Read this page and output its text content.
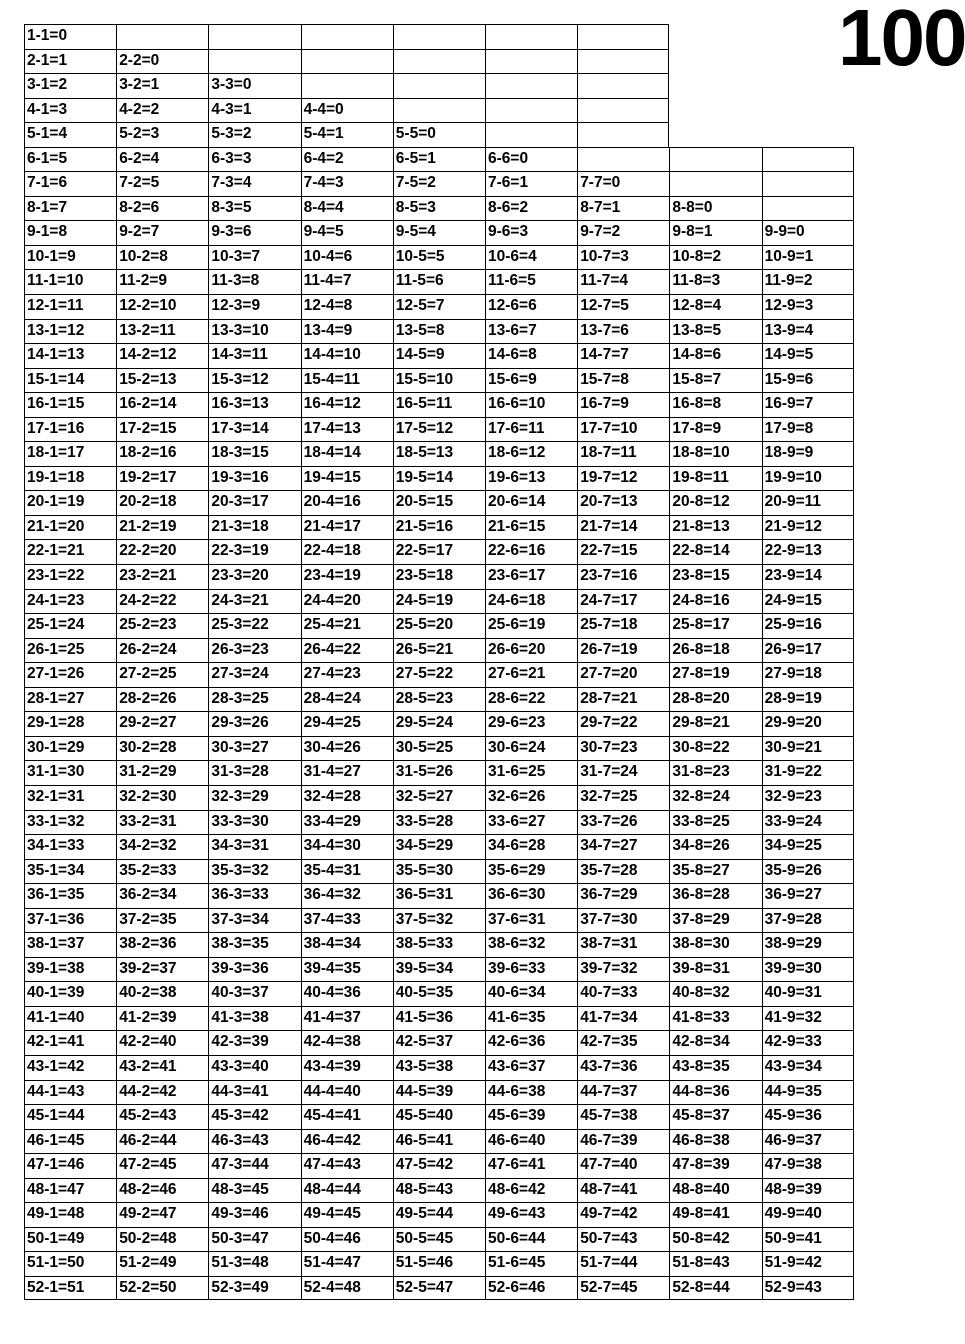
100
1-1=0
2-1=1	2-2=0
3-1=2	3-2=1	3-3=0
4-1=3	4-2=2	4-3=1	4-4=0
5-1=4	5-2=3	5-3=2	5-4=1	5-5=0
6-1=5	6-2=4	6-3=3	6-4=2	6-5=1	6-6=0
7-1=6	7-2=5	7-3=4	7-4=3	7-5=2	7-6=1	7-7=0
8-1=7	8-2=6	8-3=5	8-4=4	8-5=3	8-6=2	8-7=1	8-8=0
9-1=8	9-2=7	9-3=6	9-4=5	9-5=4	9-6=3	9-7=2	9-8=1	9-9=0
10-1=9	10-2=8	10-3=7	10-4=6	10-5=5	10-6=4	10-7=3	10-8=2	10-9=1
11-1=10	11-2=9	11-3=8	11-4=7	11-5=6	11-6=5	11-7=4	11-8=3	11-9=2
12-1=11	12-2=10	12-3=9	12-4=8	12-5=7	12-6=6	12-7=5	12-8=4	12-9=3
13-1=12	13-2=11	13-3=10	13-4=9	13-5=8	13-6=7	13-7=6	13-8=5	13-9=4
14-1=13	14-2=12	14-3=11	14-4=10	14-5=9	14-6=8	14-7=7	14-8=6	14-9=5
15-1=14	15-2=13	15-3=12	15-4=11	15-5=10	15-6=9	15-7=8	15-8=7	15-9=6
16-1=15	16-2=14	16-3=13	16-4=12	16-5=11	16-6=10	16-7=9	16-8=8	16-9=7
17-1=16	17-2=15	17-3=14	17-4=13	17-5=12	17-6=11	17-7=10	17-8=9	17-9=8
18-1=17	18-2=16	18-3=15	18-4=14	18-5=13	18-6=12	18-7=11	18-8=10	18-9=9
19-1=18	19-2=17	19-3=16	19-4=15	19-5=14	19-6=13	19-7=12	19-8=11	19-9=10
20-1=19	20-2=18	20-3=17	20-4=16	20-5=15	20-6=14	20-7=13	20-8=12	20-9=11
21-1=20	21-2=19	21-3=18	21-4=17	21-5=16	21-6=15	21-7=14	21-8=13	21-9=12
22-1=21	22-2=20	22-3=19	22-4=18	22-5=17	22-6=16	22-7=15	22-8=14	22-9=13
23-1=22	23-2=21	23-3=20	23-4=19	23-5=18	23-6=17	23-7=16	23-8=15	23-9=14
24-1=23	24-2=22	24-3=21	24-4=20	24-5=19	24-6=18	24-7=17	24-8=16	24-9=15
25-1=24	25-2=23	25-3=22	25-4=21	25-5=20	25-6=19	25-7=18	25-8=17	25-9=16
26-1=25	26-2=24	26-3=23	26-4=22	26-5=21	26-6=20	26-7=19	26-8=18	26-9=17
27-1=26	27-2=25	27-3=24	27-4=23	27-5=22	27-6=21	27-7=20	27-8=19	27-9=18
28-1=27	28-2=26	28-3=25	28-4=24	28-5=23	28-6=22	28-7=21	28-8=20	28-9=19
29-1=28	29-2=27	29-3=26	29-4=25	29-5=24	29-6=23	29-7=22	29-8=21	29-9=20
30-1=29	30-2=28	30-3=27	30-4=26	30-5=25	30-6=24	30-7=23	30-8=22	30-9=21
31-1=30	31-2=29	31-3=28	31-4=27	31-5=26	31-6=25	31-7=24	31-8=23	31-9=22
32-1=31	32-2=30	32-3=29	32-4=28	32-5=27	32-6=26	32-7=25	32-8=24	32-9=23
33-1=32	33-2=31	33-3=30	33-4=29	33-5=28	33-6=27	33-7=26	33-8=25	33-9=24
34-1=33	34-2=32	34-3=31	34-4=30	34-5=29	34-6=28	34-7=27	34-8=26	34-9=25
35-1=34	35-2=33	35-3=32	35-4=31	35-5=30	35-6=29	35-7=28	35-8=27	35-9=26
36-1=35	36-2=34	36-3=33	36-4=32	36-5=31	36-6=30	36-7=29	36-8=28	36-9=27
37-1=36	37-2=35	37-3=34	37-4=33	37-5=32	37-6=31	37-7=30	37-8=29	37-9=28
38-1=37	38-2=36	38-3=35	38-4=34	38-5=33	38-6=32	38-7=31	38-8=30	38-9=29
39-1=38	39-2=37	39-3=36	39-4=35	39-5=34	39-6=33	39-7=32	39-8=31	39-9=30
40-1=39	40-2=38	40-3=37	40-4=36	40-5=35	40-6=34	40-7=33	40-8=32	40-9=31
41-1=40	41-2=39	41-3=38	41-4=37	41-5=36	41-6=35	41-7=34	41-8=33	41-9=32
42-1=41	42-2=40	42-3=39	42-4=38	42-5=37	42-6=36	42-7=35	42-8=34	42-9=33
43-1=42	43-2=41	43-3=40	43-4=39	43-5=38	43-6=37	43-7=36	43-8=35	43-9=34
44-1=43	44-2=42	44-3=41	44-4=40	44-5=39	44-6=38	44-7=37	44-8=36	44-9=35
45-1=44	45-2=43	45-3=42	45-4=41	45-5=40	45-6=39	45-7=38	45-8=37	45-9=36
46-1=45	46-2=44	46-3=43	46-4=42	46-5=41	46-6=40	46-7=39	46-8=38	46-9=37
47-1=46	47-2=45	47-3=44	47-4=43	47-5=42	47-6=41	47-7=40	47-8=39	47-9=38
48-1=47	48-2=46	48-3=45	48-4=44	48-5=43	48-6=42	48-7=41	48-8=40	48-9=39
49-1=48	49-2=47	49-3=46	49-4=45	49-5=44	49-6=43	49-7=42	49-8=41	49-9=40
50-1=49	50-2=48	50-3=47	50-4=46	50-5=45	50-6=44	50-7=43	50-8=42	50-9=41
51-1=50	51-2=49	51-3=48	51-4=47	51-5=46	51-6=45	51-7=44	51-8=43	51-9=42
52-1=51	52-2=50	52-3=49	52-4=48	52-5=47	52-6=46	52-7=45	52-8=44	52-9=43
